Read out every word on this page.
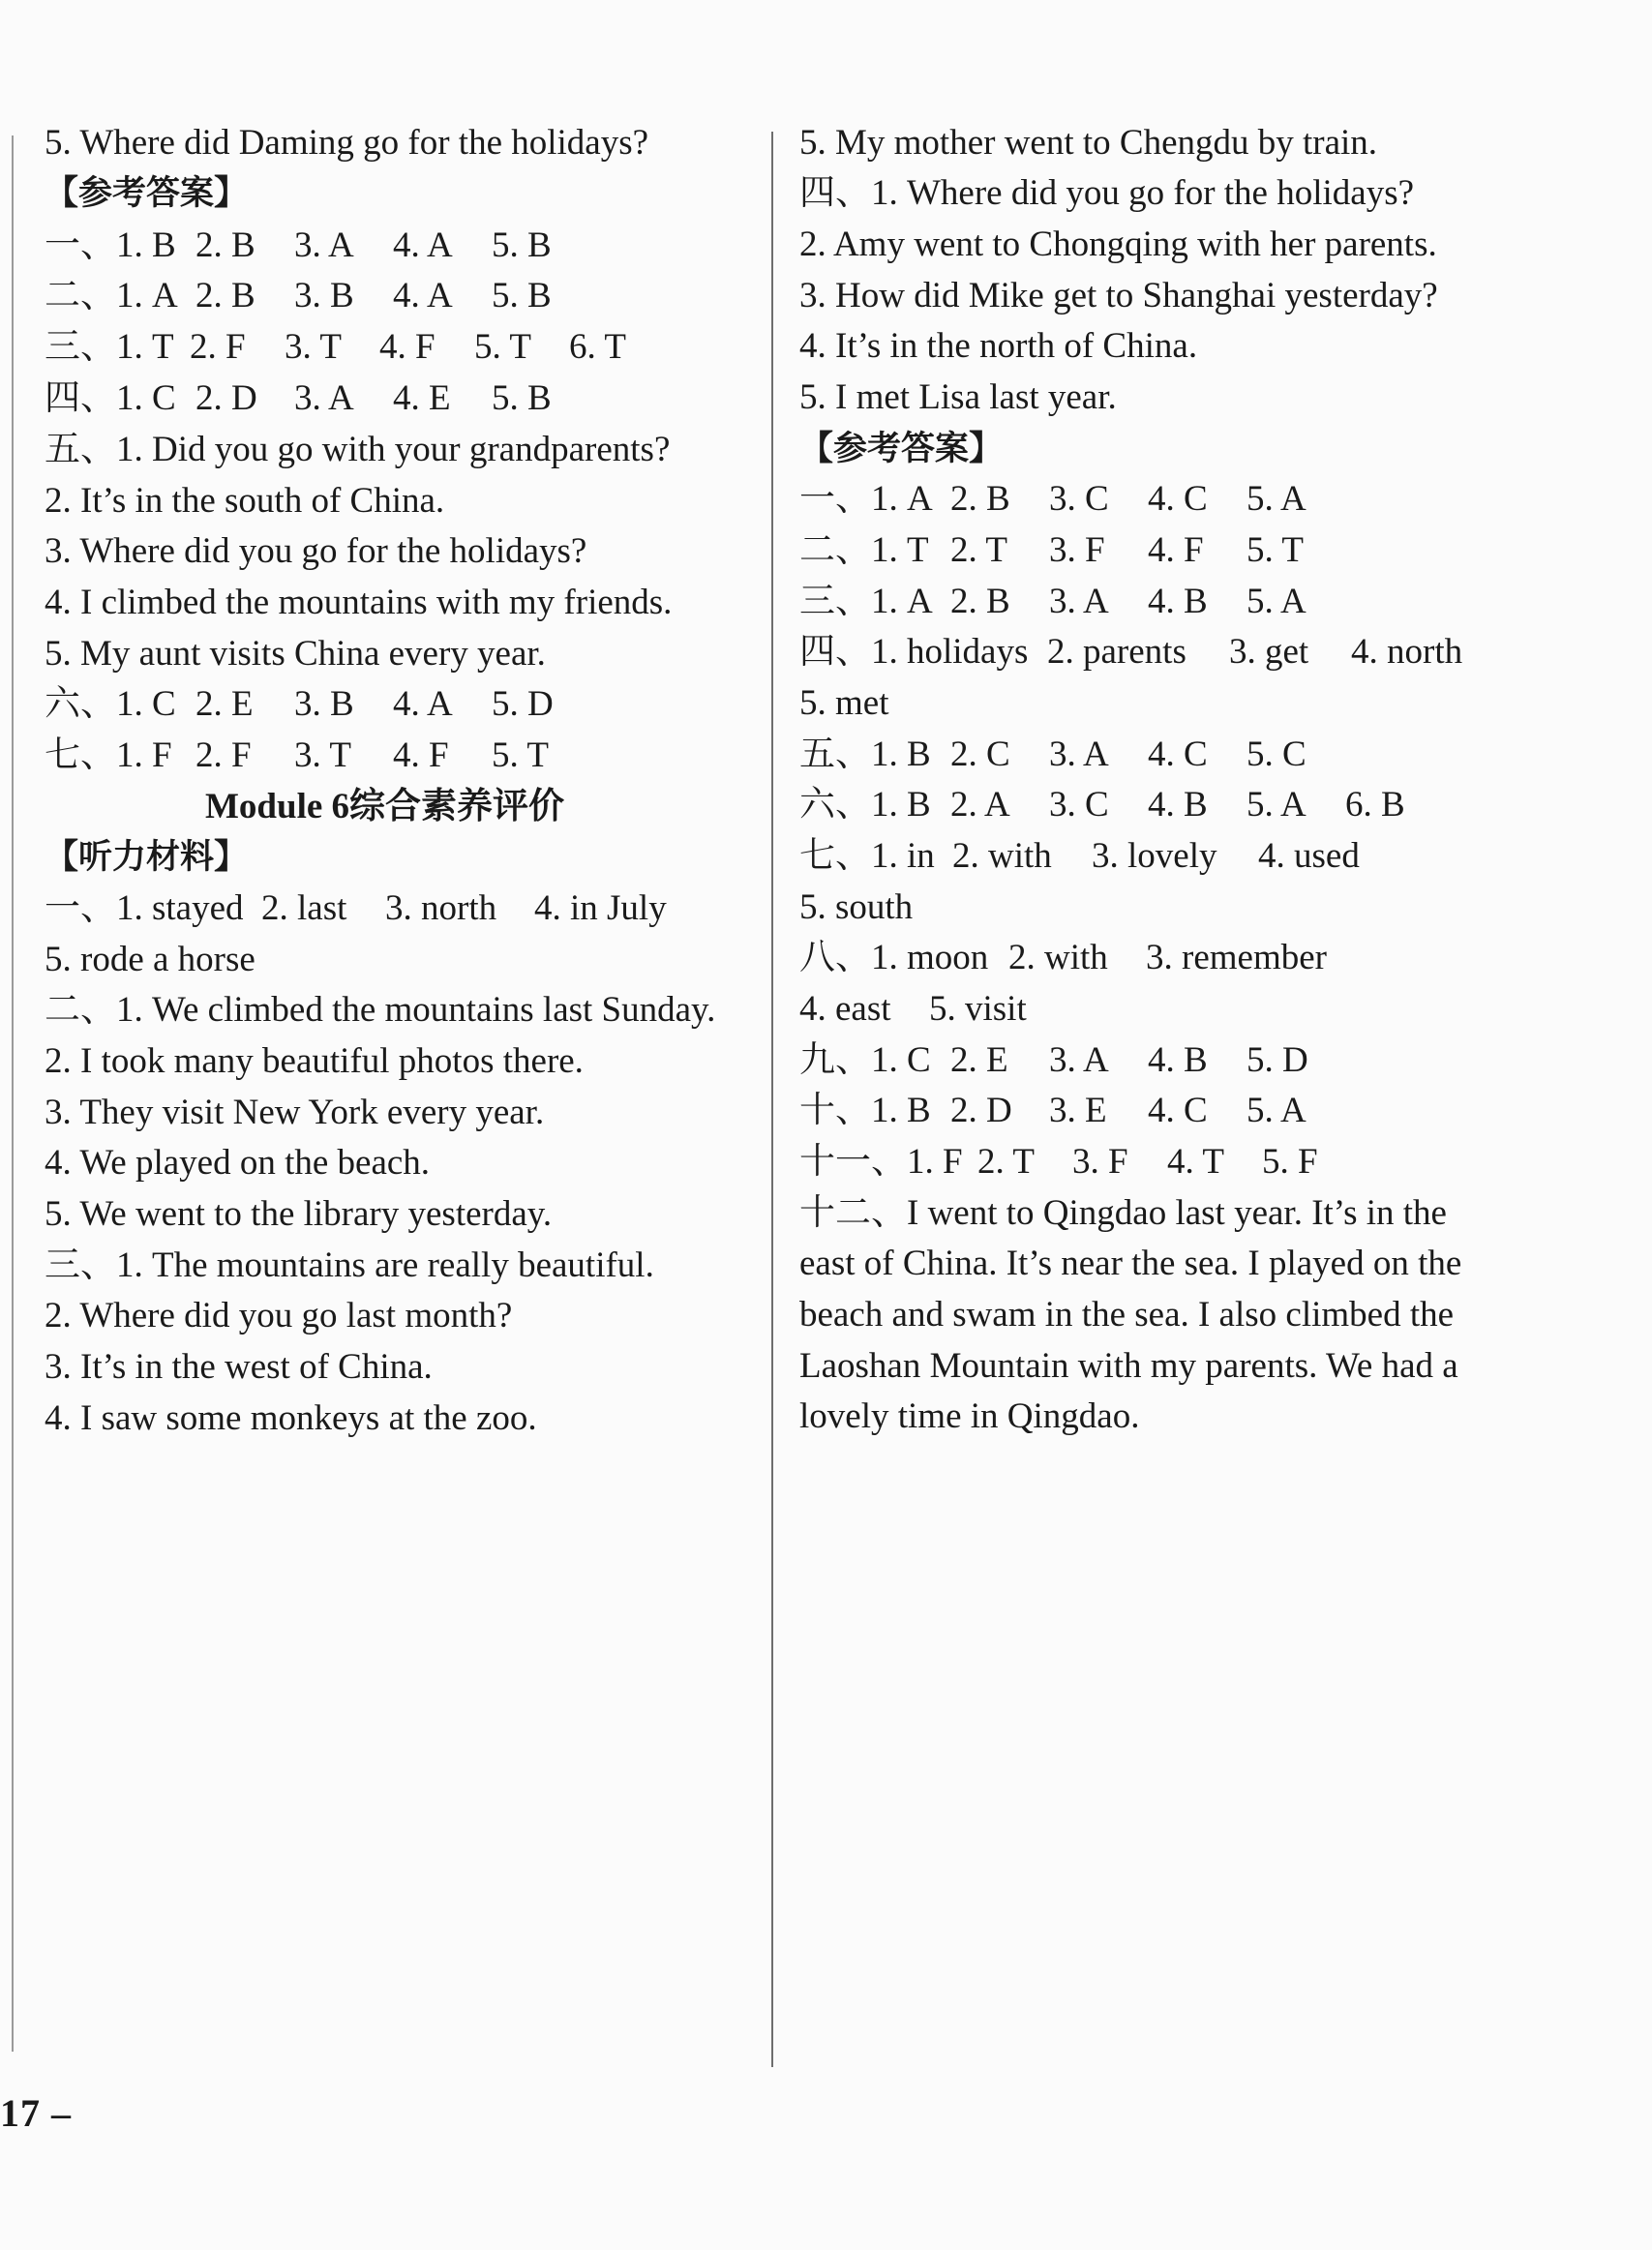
5. Where did Daming go for the holidays?
【参考答案】
一、1. B 2. B 3. A 4. A 5. B
二、1. A 2. B 3. B 4. A 5. B
三、1. T 2. F 3. T 4. F 5. T 6. T
四、1. C 2. D 3. A 4. E 5. B
五、1. Did you go with your grandparents?
2. It’s in the south of China.
3. Where did you go for the holidays?
4. I climbed the mountains with my friends.
5. My aunt visits China every year.
六、1. C 2. E 3. B 4. A 5. D
七、1. F 2. F 3. T 4. F 5. T
Module 6综合素养评价
【听力材料】
一、1. stayed 2. last 3. north 4. in July
5. rode a horse
二、1. We climbed the mountains last Sunday.
2. I took many beautiful photos there.
3. They visit New York every year.
4. We played on the beach.
5. We went to the library yesterday.
三、1. The mountains are really beautiful.
2. Where did you go last month?
3. It’s in the west of China.
4. I saw some monkeys at the zoo.
5. My mother went to Chengdu by train.
四、1. Where did you go for the holidays?
2. Amy went to Chongqing with her parents.
3. How did Mike get to Shanghai yesterday?
4. It’s in the north of China.
5. I met Lisa last year.
【参考答案】
一、1. A 2. B 3. C 4. C 5. A
二、1. T 2. T 3. F 4. F 5. T
三、1. A 2. B 3. A 4. B 5. A
四、1. holidays 2. parents 3. get 4. north
5. met
五、1. B 2. C 3. A 4. C 5. C
六、1. B 2. A 3. C 4. B 5. A 6. B
七、1. in 2. with 3. lovely 4. used
5. south
八、1. moon 2. with 3. remember
4. east 5. visit
九、1. C 2. E 3. A 4. B 5. D
十、1. B 2. D 3. E 4. C 5. A
十一、1. F 2. T 3. F 4. T 5. F
十二、I went to Qingdao last year. It’s in the
east of China. It’s near the sea. I played on the
beach and swam in the sea. I also climbed the
Laoshan Mountain with my parents. We had a
lovely time in Qingdao.
17 –
